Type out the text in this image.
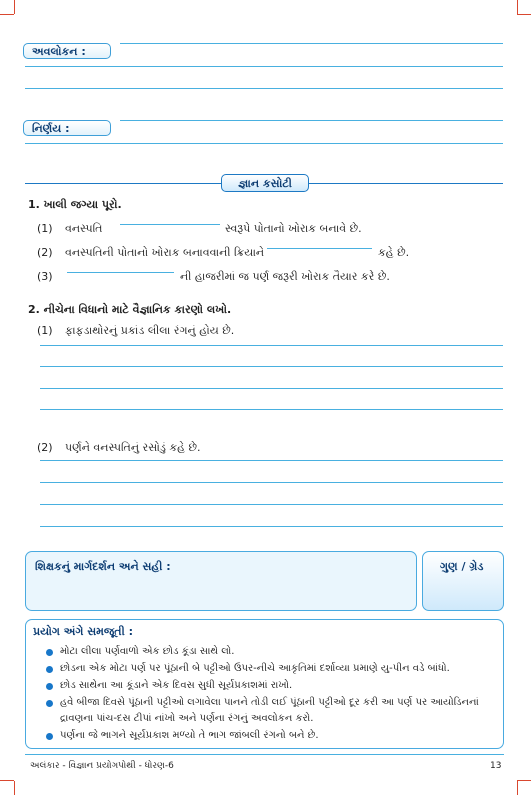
અવલોકન :
નિર્ણય :
જ્ઞાન કસોટી
1. ખાલી જગ્યા પૂરો.
(1) વનસ્પતિ	સ્વરૂપે પોતાનો ખોરાક બનાવે છે.
(2) વનસ્પતિની પોતાનો ખોરાક બનાવવાની ક્રિયાને	કહે છે.
(3)	ની હાજરીમાં જ પર્ણ જરૂરી ખોરાક તૈયાર કરે છે.
2. નીચેના વિધાનો માટે વૈજ્ઞાનિક કારણો લખો.
(1) ફાફડાથોરનું પ્રકાંડ લીલા રંગનું હોય છે.
(2) પર્ણને વનસ્પતિનું રસોડું કહે છે.
શિક્ષકનું માર્ગદર્શન અને સહી :	ગુણ / ગ્રેડ
પ્રયોગ અંગે સમજૂતી :
મોટા લીલા પર્ણવાળો એક છોડ કૂંડા સાથે લો.
છોડના એક મોટા પર્ણ પર પૂંઠાની બે પટ્ટીઓ ઉપર-નીચે આકૃતિમાં દર્શાવ્યા પ્રમાણે યુ-પીન વડે બાંધો.
છોડ સાથેના આ કૂંડાને એક દિવસ સુધી સૂર્યપ્રકાશમાં રાખો.
હવે બીજા દિવસે પૂંઠાની પટ્ટીઓ લગાવેલા પાનને તોડી લઈ પૂંઠાની પટ્ટીઓ દૂર કરી આ પર્ણ પર આયોડિનનાં
દ્રાવણના પાંચ-દસ ટીપાં નાંખો અને પર્ણના રંગનું અવલોકન કરો.
પર્ણના જે ભાગને સૂર્યપ્રકાશ મળ્યો તે ભાગ જાંબલી રંગનો બને છે.
અલંકાર - વિજ્ઞાન પ્રયોગપોથી - ધોરણ-6	13
